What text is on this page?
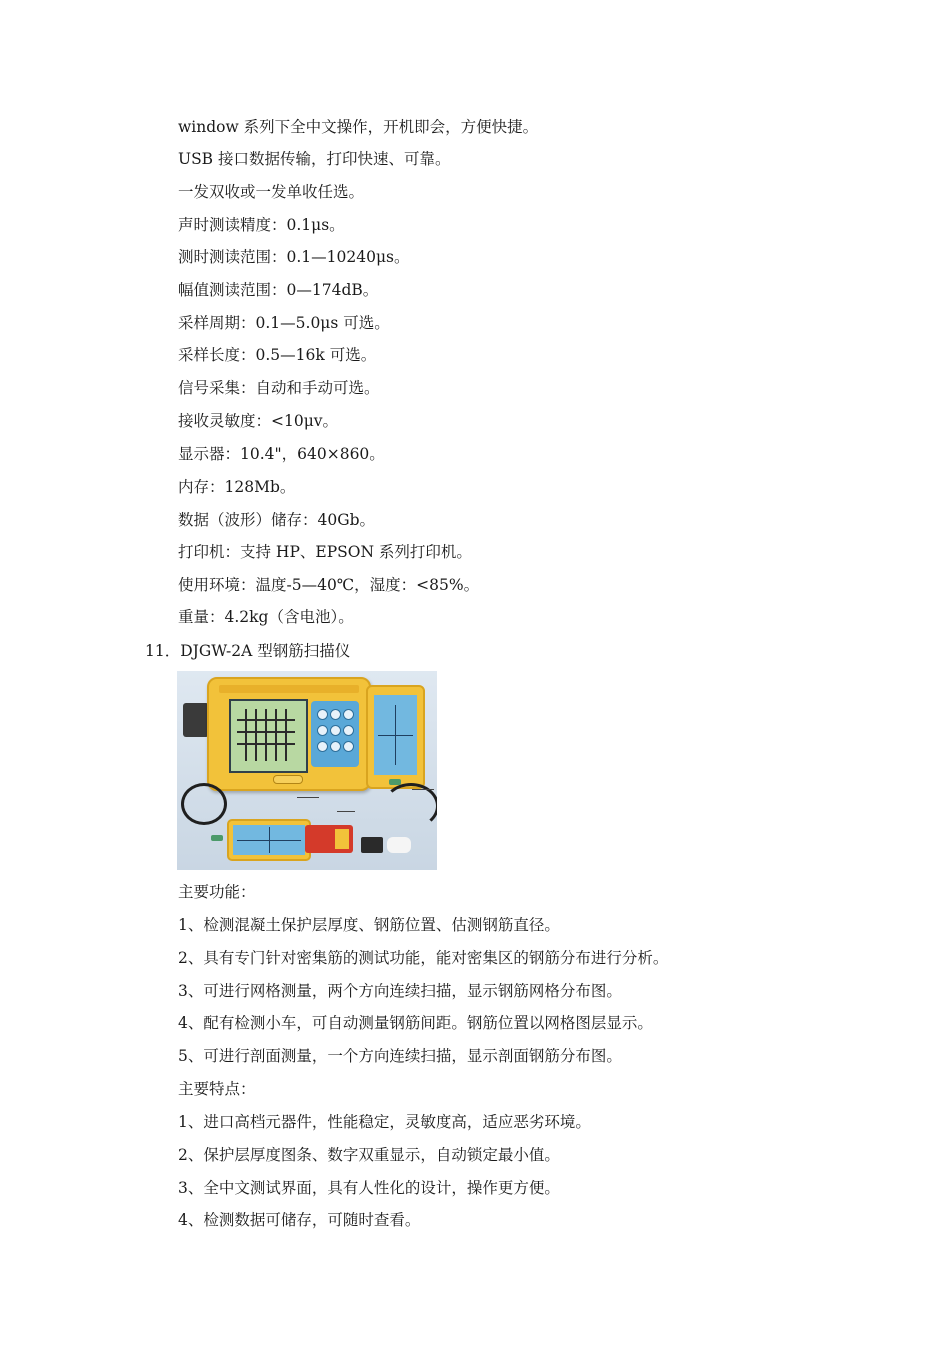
window 系列下全中文操作，开机即会，方便快捷。
USB 接口数据传输，打印快速、可靠。
一发双收或一发单收任选。
声时测读精度：0.1μs。
测时测读范围：0.1—10240μs。
幅值测读范围：0—174dB。
采样周期：0.1—5.0μs 可选。
采样长度：0.5—16k 可选。
信号采集：自动和手动可选。
接收灵敏度：<10μv。
显示器：10.4"，640×860。
内存：128Mb。
数据（波形）储存：40Gb。
打印机：支持 HP、EPSON 系列打印机。
使用环境：温度-5—40℃，湿度：<85%。
重量：4.2kg（含电池）。
11．DJGW-2A 型钢筋扫描仪
主要功能：
1、检测混凝土保护层厚度、钢筋位置、估测钢筋直径。
2、具有专门针对密集筋的测试功能，能对密集区的钢筋分布进行分析。
3、可进行网格测量，两个方向连续扫描，显示钢筋网格分布图。
4、配有检测小车，可自动测量钢筋间距。钢筋位置以网格图层显示。
5、可进行剖面测量，一个方向连续扫描，显示剖面钢筋分布图。
主要特点：
1、进口高档元器件，性能稳定，灵敏度高，适应恶劣环境。
2、保护层厚度图条、数字双重显示，自动锁定最小值。
3、全中文测试界面，具有人性化的设计，操作更方便。
4、检测数据可储存，可随时查看。
